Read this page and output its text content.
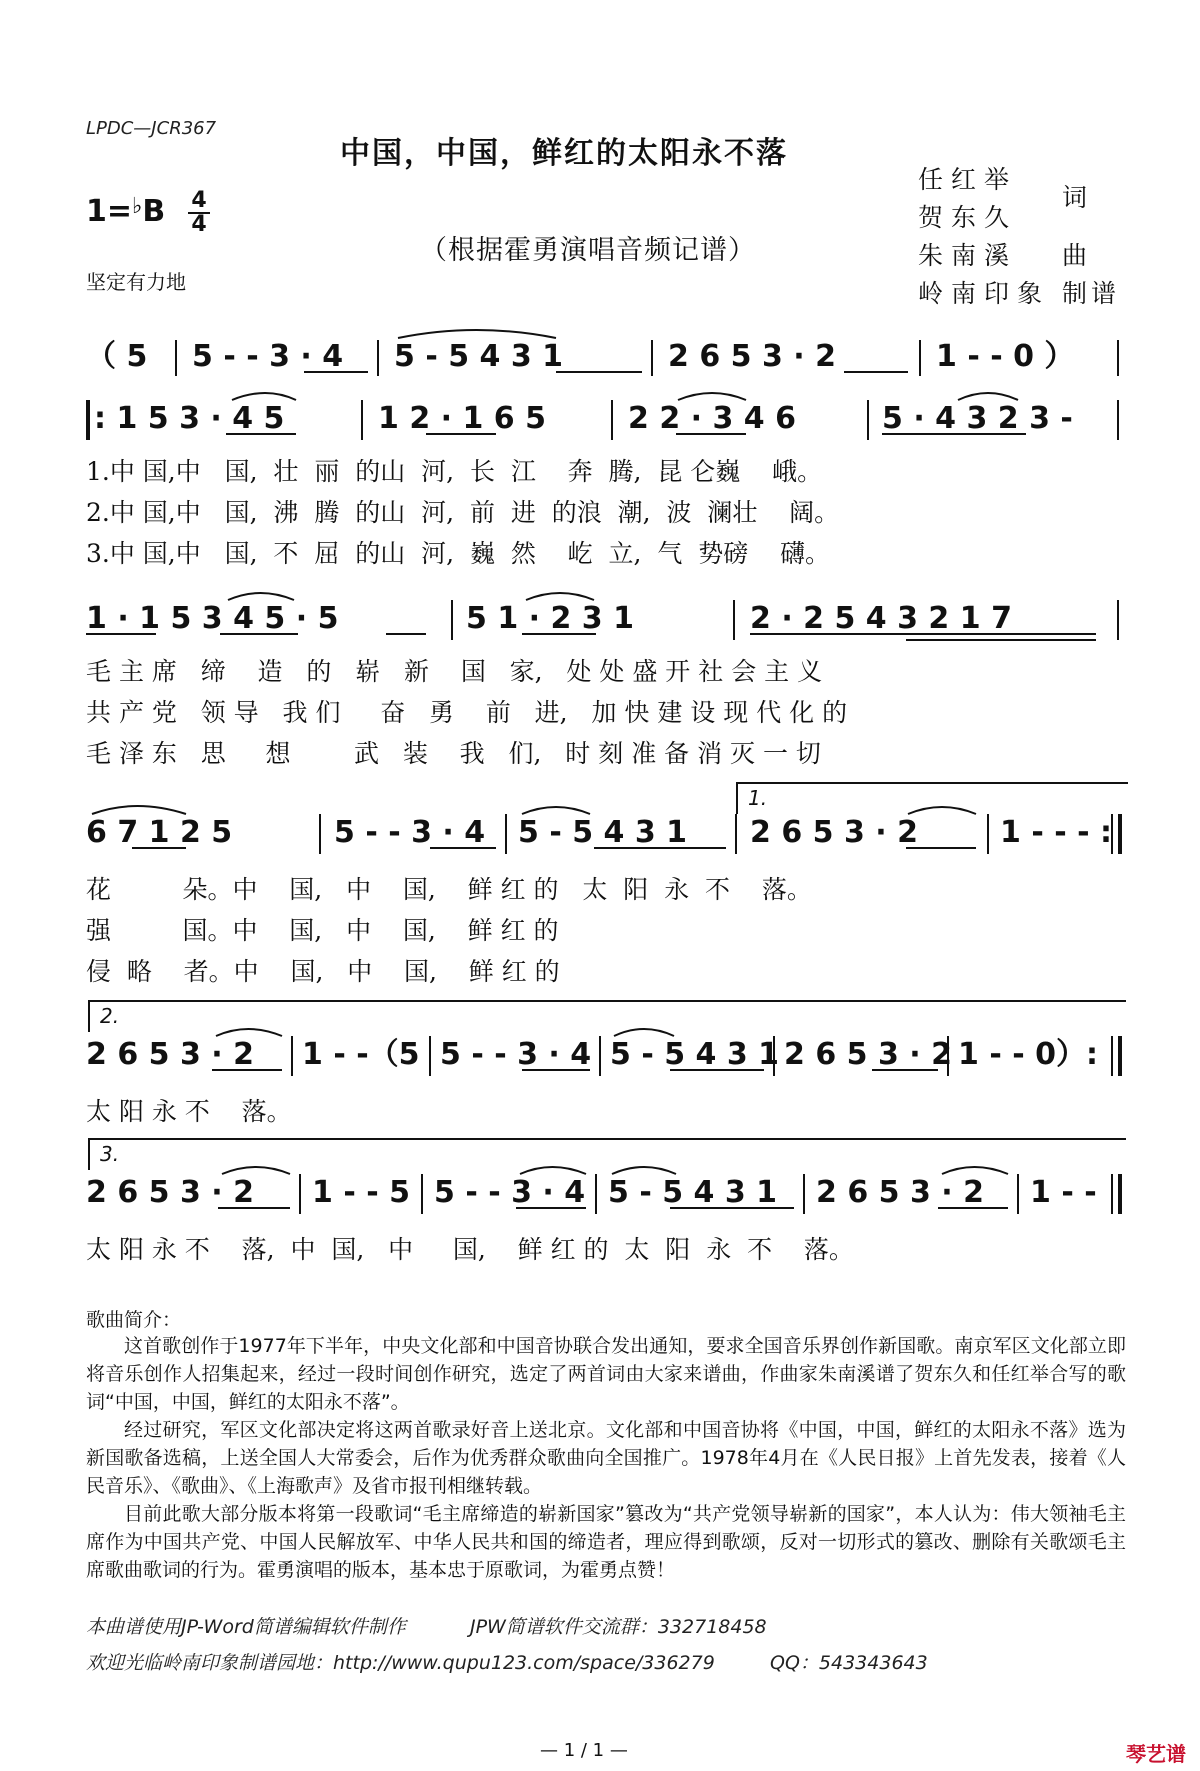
LPDC—JCR367
中国，中国，鲜红的太阳永不落
（根据霍勇演唱音频记谱）
1=♭B 4
4
坚定有力地
任红举
贺东久
词
朱南溪 曲
岭南印象 制谱
（ 5 5 - - 3 · 4 5 - 5 4 3 1	2 6 5 3 · 2	1 - - 0 ）
: 1 5 3 · 4 5	1 2 · 1 6 5	2 2 · 3 4 6	5 · 4 3 2 3 -
1.中 国,中   国,  壮  丽  的山  河,  长  江    奔  腾,  昆 仑巍    峨。
2.中 国,中   国,  沸  腾  的山  河,  前  进  的浪  潮,  波  澜壮    阔。
3.中 国,中   国,  不  屈  的山  河,  巍  然    屹  立,  气  势磅    礴。
1 · 1 5 3 4 5 · 5	5 1 · 2 3 1	2 · 2 5 4 3 2 1 7
毛 主 席   缔    造   的   崭   新    国   家,   处 处 盛 开 社 会 主 义
共 产 党   领 导   我 们     奋   勇    前   进,   加 快 建 设 现 代 化 的
毛 泽 东   思     想        武   装    我   们,   时 刻 准 备 消 灭 一 切
1.
6 7 1 2 5	5 - - 3 · 4 5 - 5 4 3 1 2 6 5 3 · 2	1 - - - :
花         朵。中    国,   中    国,    鲜 红 的   太  阳  永  不    落。
强         国。中    国,   中    国,    鲜 红 的
侵  略    者。中    国,   中    国,    鲜 红 的
2.
2 6 5 3 · 2 1 - -（5 5 - - 3 · 4 5 - 5 4 3 1 2 6 5 3 · 2 1 - - 0）:
太 阳 永 不    落。
3.
2 6 5 3 · 2 1 - - 5 5 - - 3 · 4 5 - 5 4 3 1 2 6 5 3 · 2 1 - -
太 阳 永 不    落,  中  国,   中     国,    鲜 红 的  太  阳  永  不    落。
歌曲简介：
这首歌创作于1977年下半年，中央文化部和中国音协联合发出通知，要求全国音乐界创作新国歌。南京军区文化部立即将音乐创作人招集起来，经过一段时间创作研究，选定了两首词由大家来谱曲，作曲家朱南溪谱了贺东久和任红举合写的歌词“中国，中国，鲜红的太阳永不落”。
经过研究，军区文化部决定将这两首歌录好音上送北京。文化部和中国音协将《中国，中国，鲜红的太阳永不落》选为新国歌备选稿，上送全国人大常委会，后作为优秀群众歌曲向全国推广。1978年4月在《人民日报》上首先发表，接着《人民音乐》、《歌曲》、《上海歌声》及省市报刊相继转载。
目前此歌大部分版本将第一段歌词“毛主席缔造的崭新国家”篡改为“共产党领导崭新的国家”，本人认为：伟大领袖毛主席作为中国共产党、中国人民解放军、中华人民共和国的缔造者，理应得到歌颂，反对一切形式的篡改、删除有关歌颂毛主席歌曲歌词的行为。霍勇演唱的版本，基本忠于原歌词，为霍勇点赞！
本曲谱使用JP-Word简谱编辑软件制作	JPW简谱软件交流群：332718458
欢迎光临岭南印象制谱园地：http://www.qupu123.com/space/336279	QQ：543343643
— 1 / 1 —	琴艺谱
